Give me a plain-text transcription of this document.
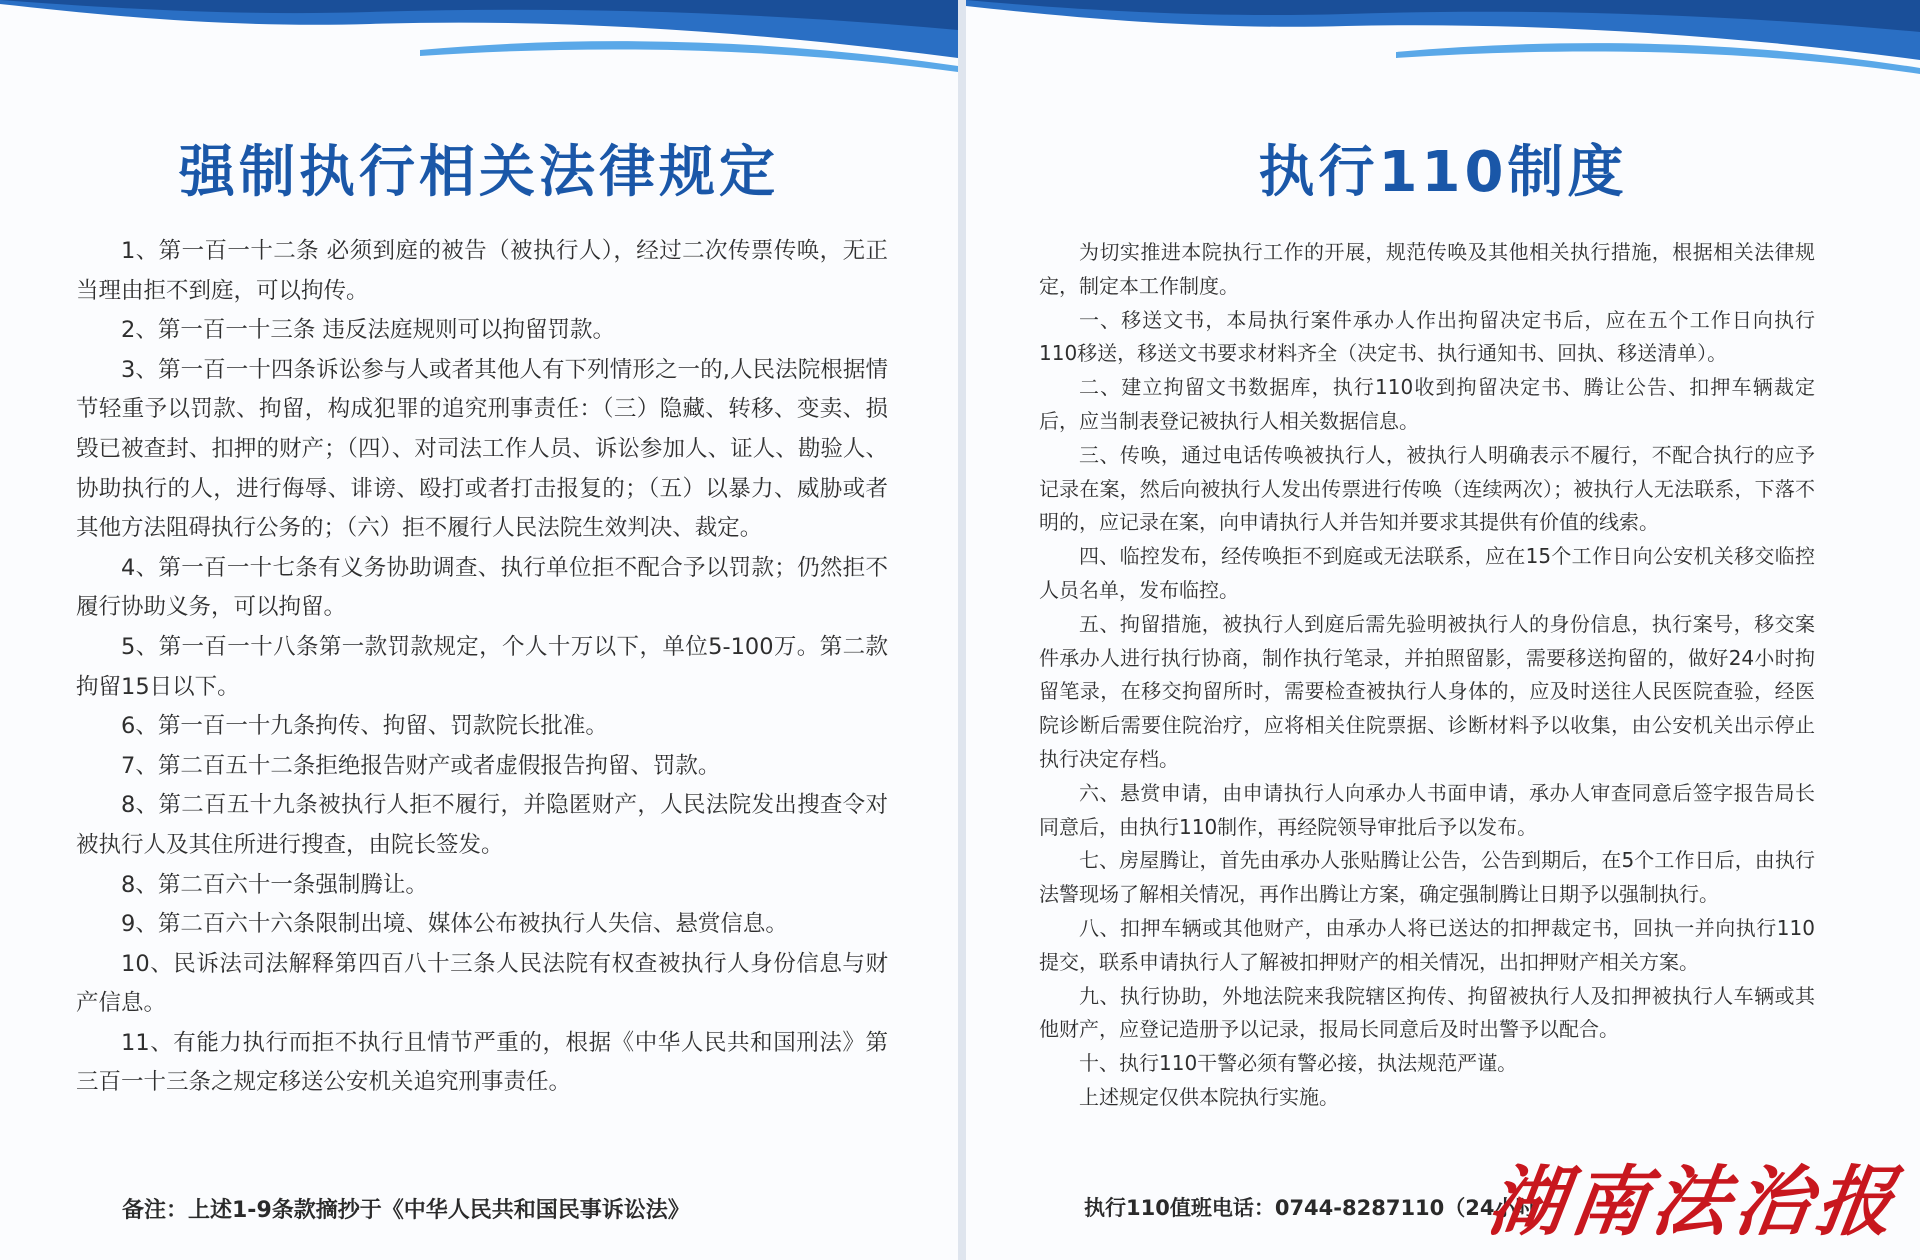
强制执行相关法律规定

1、第一百一十二条 必须到庭的被告（被执行人），经过二次传票传唤，无正当理由拒不到庭，可以拘传。

2、第一百一十三条 违反法庭规则可以拘留罚款。

3、第一百一十四条诉讼参与人或者其他人有下列情形之一的,人民法院根据情节轻重予以罚款、拘留，构成犯罪的追究刑事责任：（三）隐藏、转移、变卖、损毁已被查封、扣押的财产；（四）、对司法工作人员、诉讼参加人、证人、勘验人、协助执行的人，进行侮辱、诽谤、殴打或者打击报复的；（五）以暴力、威胁或者其他方法阻碍执行公务的；（六）拒不履行人民法院生效判决、裁定。

4、第一百一十七条有义务协助调查、执行单位拒不配合予以罚款；仍然拒不履行协助义务，可以拘留。

5、第一百一十八条第一款罚款规定，个人十万以下，单位5-100万。第二款拘留15日以下。

6、第一百一十九条拘传、拘留、罚款院长批准。

7、第二百五十二条拒绝报告财产或者虚假报告拘留、罚款。

8、第二百五十九条被执行人拒不履行，并隐匿财产，人民法院发出搜查令对被执行人及其住所进行搜查，由院长签发。

8、第二百六十一条强制腾让。

9、第二百六十六条限制出境、媒体公布被执行人失信、悬赏信息。

10、民诉法司法解释第四百八十三条人民法院有权查被执行人身份信息与财产信息。

11、有能力执行而拒不执行且情节严重的，根据《中华人民共和国刑法》第三百一十三条之规定移送公安机关追究刑事责任。

备注：上述1-9条款摘抄于《中华人民共和国民事诉讼法》
执行110制度

为切实推进本院执行工作的开展，规范传唤及其他相关执行措施，根据相关法律规定，制定本工作制度。

一、移送文书，本局执行案件承办人作出拘留决定书后，应在五个工作日向执行110移送，移送文书要求材料齐全（决定书、执行通知书、回执、移送清单）。

二、建立拘留文书数据库，执行110收到拘留决定书、腾让公告、扣押车辆裁定后，应当制表登记被执行人相关数据信息。

三、传唤，通过电话传唤被执行人，被执行人明确表示不履行，不配合执行的应予记录在案，然后向被执行人发出传票进行传唤（连续两次）；被执行人无法联系，下落不明的，应记录在案，向申请执行人并告知并要求其提供有价值的线索。

四、临控发布，经传唤拒不到庭或无法联系，应在15个工作日向公安机关移交临控人员名单，发布临控。

五、拘留措施，被执行人到庭后需先验明被执行人的身份信息，执行案号，移交案件承办人进行执行协商，制作执行笔录，并拍照留影，需要移送拘留的，做好24小时拘留笔录，在移交拘留所时，需要检查被执行人身体的，应及时送往人民医院查验，经医院诊断后需要住院治疗，应将相关住院票据、诊断材料予以收集，由公安机关出示停止执行决定存档。

六、悬赏申请，由申请执行人向承办人书面申请，承办人审查同意后签字报告局长同意后，由执行110制作，再经院领导审批后予以发布。

七、房屋腾让，首先由承办人张贴腾让公告，公告到期后，在5个工作日后，由执行法警现场了解相关情况，再作出腾让方案，确定强制腾让日期予以强制执行。

八、扣押车辆或其他财产，由承办人将已送达的扣押裁定书，回执一并向执行110提交，联系申请执行人了解被扣押财产的相关情况，出扣押财产相关方案。

九、执行协助，外地法院来我院辖区拘传、拘留被执行人及扣押被执行人车辆或其他财产，应登记造册予以记录，报局长同意后及时出警予以配合。

十、执行110干警必须有警必接，执法规范严谨。

上述规定仅供本院执行实施。

执行110值班电话：0744-8287110（24小时
湖南法治报
